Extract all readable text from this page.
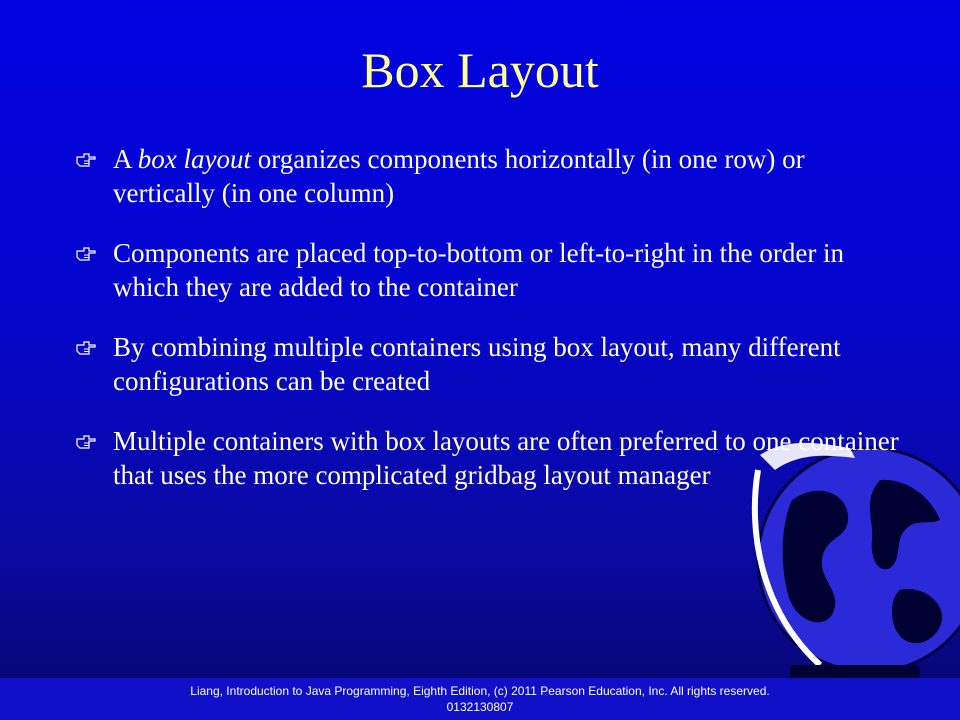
Box Layout
A box layout organizes components horizontally (in one row) or vertically (in one column)
Components are placed top-to-bottom or left-to-right in the order in which they are added to the container
By combining multiple containers using box layout, many different configurations can be created
Multiple containers with box layouts are often preferred to one container that uses the more complicated gridbag layout manager
Liang, Introduction to Java Programming, Eighth Edition, (c) 2011 Pearson Education, Inc. All rights reserved. 0132130807
